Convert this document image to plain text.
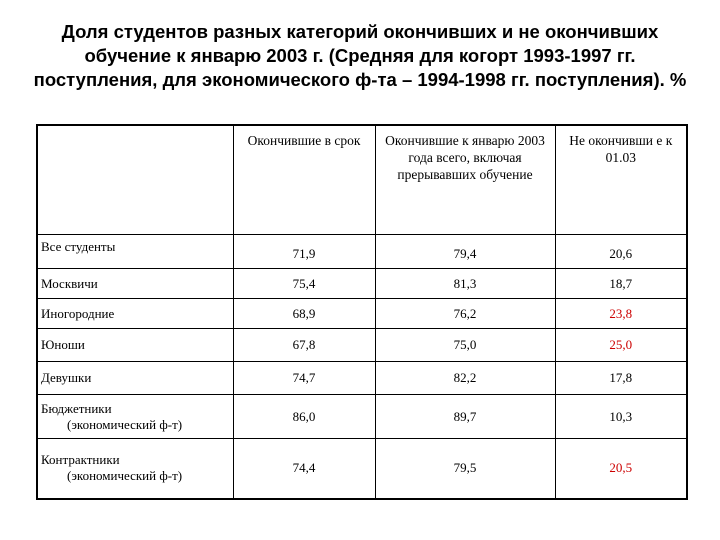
Доля студентов разных категорий окончивших и не окончивших обучение к январю 2003 г. (Средняя для когорт 1993-1997 гг. поступления, для экономического ф-та – 1994-1998 гг. поступления). %

	Окончившие в срок	Окончившие к январю 2003 года всего, включая прерывавших обучение	Не окончивши е к 01.03

Все студенты	71,9	79,4	20,6
Москвичи	75,4	81,3	18,7
Иногородние	68,9	76,2	23,8
Юноши	67,8	75,0	25,0
Девушки	74,7	82,2	17,8
Бюджетники
(экономический ф-т)	86,0	89,7	10,3
Контрактники
(экономический ф-т)	74,4	79,5	20,5
